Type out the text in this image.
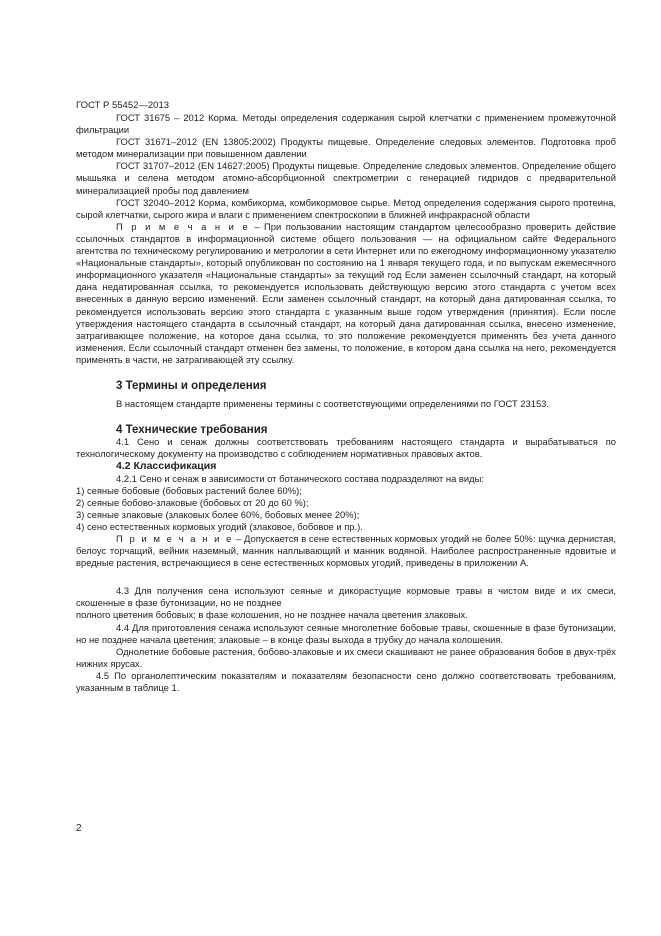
ГОСТ Р 55452—2013

ГОСТ 31675 – 2012 Корма. Методы определения содержания сырой клетчатки с применением промежуточной фильтрации

ГОСТ 31671–2012 (EN 13805:2002) Продукты пищевые. Определение следовых элементов. Подготовка проб методом минерализации при повышенном давлении

ГОСТ 31707–2012 (EN 14627:2005) Продукты пищевые. Определение следовых элементов. Определение общего мышьяка и селена методом атомно-абсорбционной спектрометрии с генерацией гидридов с предварительной минерализацией пробы под давлением

ГОСТ 32040–2012 Корма, комбикорма, комбикормовое сырье. Метод определения содержания сырого протеина, сырой клетчатки, сырого жира и влаги с применением спектроскопии в ближней инфракрасной области

П р и м е ч а н и е – При пользовании настоящим стандартом целесообразно проверить действие ссылочных стандартов в информационной системе общего пользования — на официальном сайте Федерального агентства по техническому регулированию и метрологии в сети Интернет или по ежегодному информационному указателю «Национальные стандарты», который опубликован по состоянию на 1 января текущего года, и по выпускам ежемесячного информационного указателя «Национальные стандарты» за текущий год Если заменен ссылочный стандарт, на который дана недатированная ссылка, то рекомендуется использовать действующую версию этого стандарта с учетом всех внесенных в данную версию изменений. Если заменен ссылочный стандарт, на который дана датированная ссылка, то рекомендуется использовать версию этого стандарта с указанным выше годом утверждения (принятия). Если после утверждения настоящего стандарта в ссылочный стандарт, на который дана датированная ссылка, внесено изменение, затрагивающее положение, на которое дана ссылка, то это положение рекомендуется применять без учета данного изменения. Если ссылочный стандарт отменен без замены, то положение, в котором дана ссылка на него, рекомендуется применять в части, не затрагивающей эту ссылку.

3 Термины и определения

В настоящем стандарте применены термины с соответствующими определениями по ГОСТ 23153.

4 Технические требования

4.1 Сено и сенаж должны соответствовать требованиям настоящего стандарта и вырабатываться по технологическому документу на производство с соблюдением нормативных правовых актов.

4.2 Классификация

4.2.1 Сено и сенаж в зависимости от ботанического состава подразделяют на виды:

1) сеяные бобовые (бобовых растений более 60%);

2) сеяные бобово-злаковые (бобовых от 20 до 60 %);

3) сеяные злаковые (злаковых более 60%, бобовых менее 20%);

4) сено естественных кормовых угодий (злаковое, бобовое и пр.).

П р и м е ч а н и е – Допускается в сене естественных кормовых угодий не более 50%: щучка дернистая, белоус торчащий, вейник наземный, манник наплывающий и манник водяной. Наиболее распространенные ядовитые и вредные растения, встречающиеся в сене естественных кормовых угодий, приведены в приложении А.

4.3 Для получения сена используют сеяные и дикорастущие кормовые травы в чистом виде и их смеси, скошенные в фазе бутонизации, но не позднее

полного цветения бобовых; в фазе колошения, но не позднее начала цветения злаковых.

4.4 Для приготовления сенажа используют сеяные многолетние бобовые травы, скошенные в фазе бутонизации, но не позднее начала цветения; злаковые – в конце фазы выхода в трубку до начала колошения.

Однолетние бобовые растения, бобово-злаковые и их смеси скашивают не ранее образования бобов в двух-трёх нижних ярусах.

4.5 По органолептическим показателям и показателям безопасности сено должно соответствовать требованиям, указанным в таблице 1.

2
